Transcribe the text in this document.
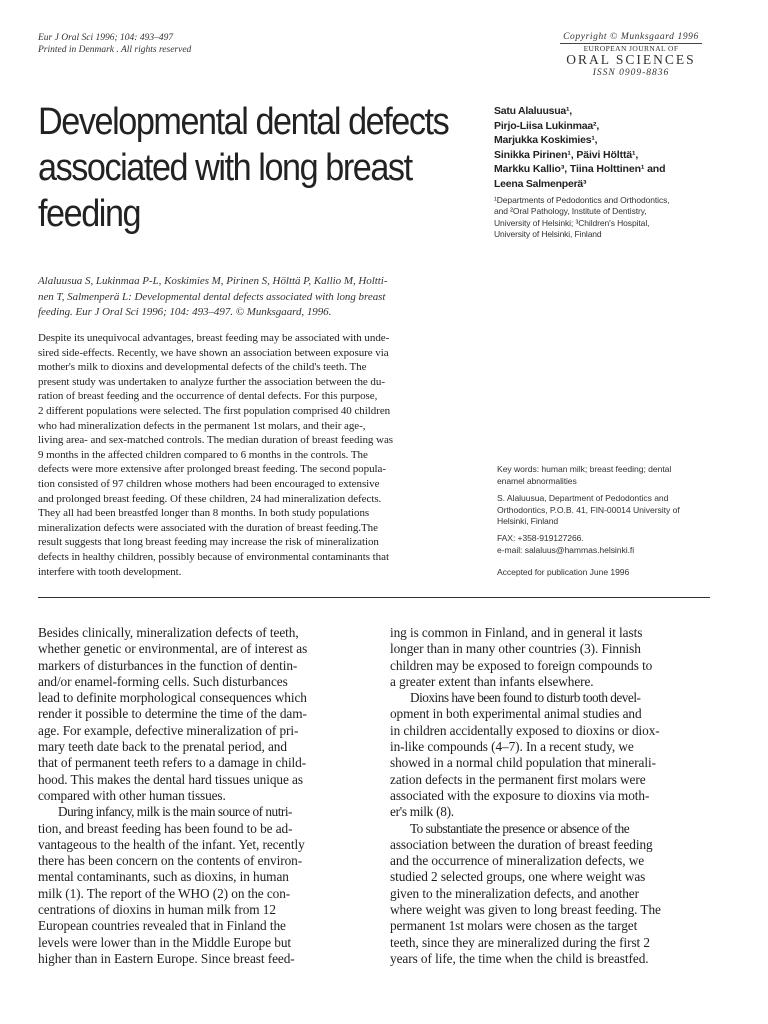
Eur J Oral Sci 1996; 104: 493–497
Printed in Denmark . All rights reserved
Copyright © Munksgaard 1996
EUROPEAN JOURNAL OF
ORAL SCIENCES
ISSN 0909-8836
Developmental dental defects
associated with long breast
feeding
Satu Alaluusua¹,
Pirjo-Liisa Lukinmaa²,
Marjukka Koskimies¹,
Sinikka Pirinen¹, Päivi Hölttä¹,
Markku Kallio³, Tiina Holttinen¹ and
Leena Salmenperä³
¹Departments of Pedodontics and Orthodontics,
and ²Oral Pathology, Institute of Dentistry,
University of Helsinki; ³Children's Hospital,
University of Helsinki, Finland
Alaluusua S, Lukinmaa P-L, Koskimies M, Pirinen S, Hölttä P, Kallio M, Holtti-
nen T, Salmenperä L: Developmental dental defects associated with long breast
feeding. Eur J Oral Sci 1996; 104: 493–497. © Munksgaard, 1996.
Despite its unequivocal advantages, breast feeding may be associated with unde-
sired side-effects. Recently, we have shown an association between exposure via
mother's milk to dioxins and developmental defects of the child's teeth. The
present study was undertaken to analyze further the association between the du-
ration of breast feeding and the occurrence of dental defects. For this purpose,
2 different populations were selected. The first population comprised 40 children
who had mineralization defects in the permanent 1st molars, and their age-,
living area- and sex-matched controls. The median duration of breast feeding was
9 months in the affected children compared to 6 months in the controls. The
defects were more extensive after prolonged breast feeding. The second popula-
tion consisted of 97 children whose mothers had been encouraged to extensive
and prolonged breast feeding. Of these children, 24 had mineralization defects.
They all had been breastfed longer than 8 months. In both study populations
mineralization defects were associated with the duration of breast feeding.The
result suggests that long breast feeding may increase the risk of mineralization
defects in healthy children, possibly because of environmental contaminants that
interfere with tooth development.
Key words: human milk; breast feeding; dental
enamel abnormalities
S. Alaluusua, Department of Pedodontics and
Orthodontics, P.O.B. 41, FIN-00014 University of
Helsinki, Finland
FAX: +358-919127266.
e-mail: salaluus@hammas.helsinki.fi
Accepted for publication June 1996
Besides clinically, mineralization defects of teeth,
whether genetic or environmental, are of interest as
markers of disturbances in the function of dentin-
and/or enamel-forming cells. Such disturbances
lead to definite morphological consequences which
render it possible to determine the time of the dam-
age. For example, defective mineralization of pri-
mary teeth date back to the prenatal period, and
that of permanent teeth refers to a damage in child-
hood. This makes the dental hard tissues unique as
compared with other human tissues.
During infancy, milk is the main source of nutri-
tion, and breast feeding has been found to be ad-
vantageous to the health of the infant. Yet, recently
there has been concern on the contents of environ-
mental contaminants, such as dioxins, in human
milk (1). The report of the WHO (2) on the con-
centrations of dioxins in human milk from 12
European countries revealed that in Finland the
levels were lower than in the Middle Europe but
higher than in Eastern Europe. Since breast feed-
ing is common in Finland, and in general it lasts
longer than in many other countries (3). Finnish
children may be exposed to foreign compounds to
a greater extent than infants elsewhere.
Dioxins have been found to disturb tooth devel-
opment in both experimental animal studies and
in children accidentally exposed to dioxins or diox-
in-like compounds (4–7). In a recent study, we
showed in a normal child population that minerali-
zation defects in the permanent first molars were
associated with the exposure to dioxins via moth-
er's milk (8).
To substantiate the presence or absence of the
association between the duration of breast feeding
and the occurrence of mineralization defects, we
studied 2 selected groups, one where weight was
given to the mineralization defects, and another
where weight was given to long breast feeding. The
permanent 1st molars were chosen as the target
teeth, since they are mineralized during the first 2
years of life, the time when the child is breastfed.
